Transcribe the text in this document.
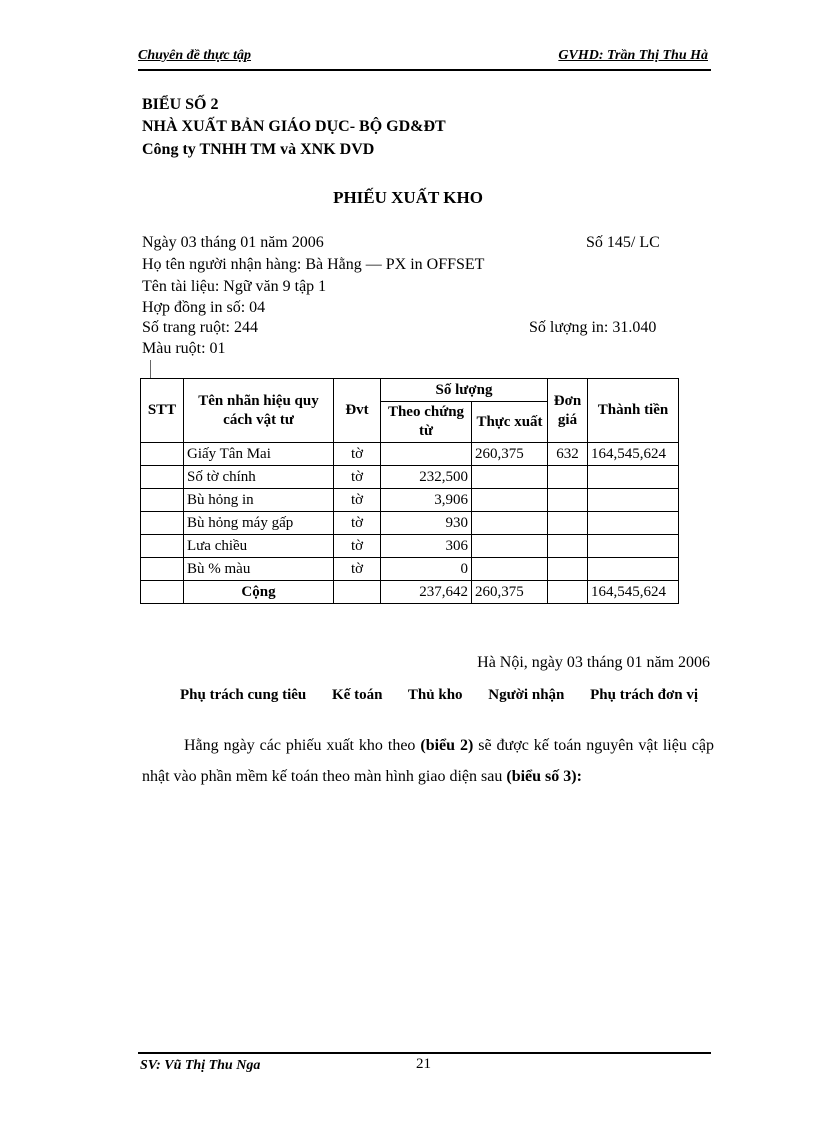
Chuyên đề thực tập	GVHD: Trần Thị Thu Hà
BIỂU SỐ 2
NHÀ XUẤT BẢN GIÁO DỤC- BỘ GD&ĐT
Công ty TNHH TM và XNK DVD
PHIẾU XUẤT KHO
Ngày 03 tháng 01 năm 2006	Số 145/ LC
Họ tên người nhận hàng: Bà Hằng — PX in OFFSET
Tên tài liệu: Ngữ văn 9 tập 1
Hợp đồng in số: 04
Số trang ruột: 244	Số lượng in: 31.040
Màu ruột: 01
STT	Tên nhãn hiệu quy cách vật tư	Đvt	Số lượng		Đơn giá	Thành tiền
			Theo chứng từ	Thực xuất		
	Giấy Tân Mai	tờ		260,375	632	164,545,624
	Số tờ chính	tờ	232,500			
	Bù hỏng in	tờ	3,906			
	Bù hỏng máy gấp	tờ	930			
	Lưa chiều	tờ	306			
	Bù % màu	tờ	0			
	Cộng		237,642	260,375		164,545,624
Hà Nội, ngày 03 tháng 01 năm 2006
Phụ trách cung tiêu Kế toán Thủ kho Người nhận Phụ trách đơn vị
Hằng ngày các phiếu xuất kho theo (biểu 2) sẽ được kế toán nguyên vật liệu cập nhật vào phần mềm kế toán theo màn hình giao diện sau (biểu số 3):
SV: Vũ Thị Thu Nga	21
